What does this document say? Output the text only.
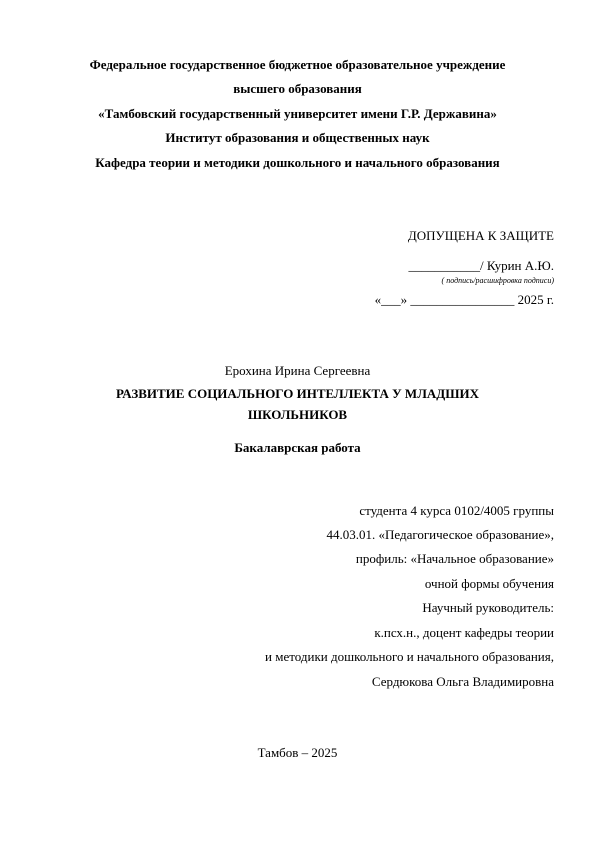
Федеральное государственное бюджетное образовательное учреждение
высшего образования
«Тамбовский государственный университет имени Г.Р. Державина»
Институт образования и общественных наук
Кафедра теории и методики дошкольного и начального образования
ДОПУЩЕНА К ЗАЩИТЕ
___________/ Курин А.Ю.
( подпись/расшифровка подписи)
«___» ________________ 2025 г.
Ерохина Ирина Сергеевна
РАЗВИТИЕ СОЦИАЛЬНОГО ИНТЕЛЛЕКТА У МЛАДШИХ
ШКОЛЬНИКОВ
Бакалаврская работа
студента 4 курса 0102/4005 группы
44.03.01. «Педагогическое образование»,
профиль: «Начальное образование»
очной формы обучения
Научный руководитель:
к.псх.н., доцент кафедры теории
и методики дошкольного и начального образования,
Сердюкова Ольга Владимировна
Тамбов – 2025
